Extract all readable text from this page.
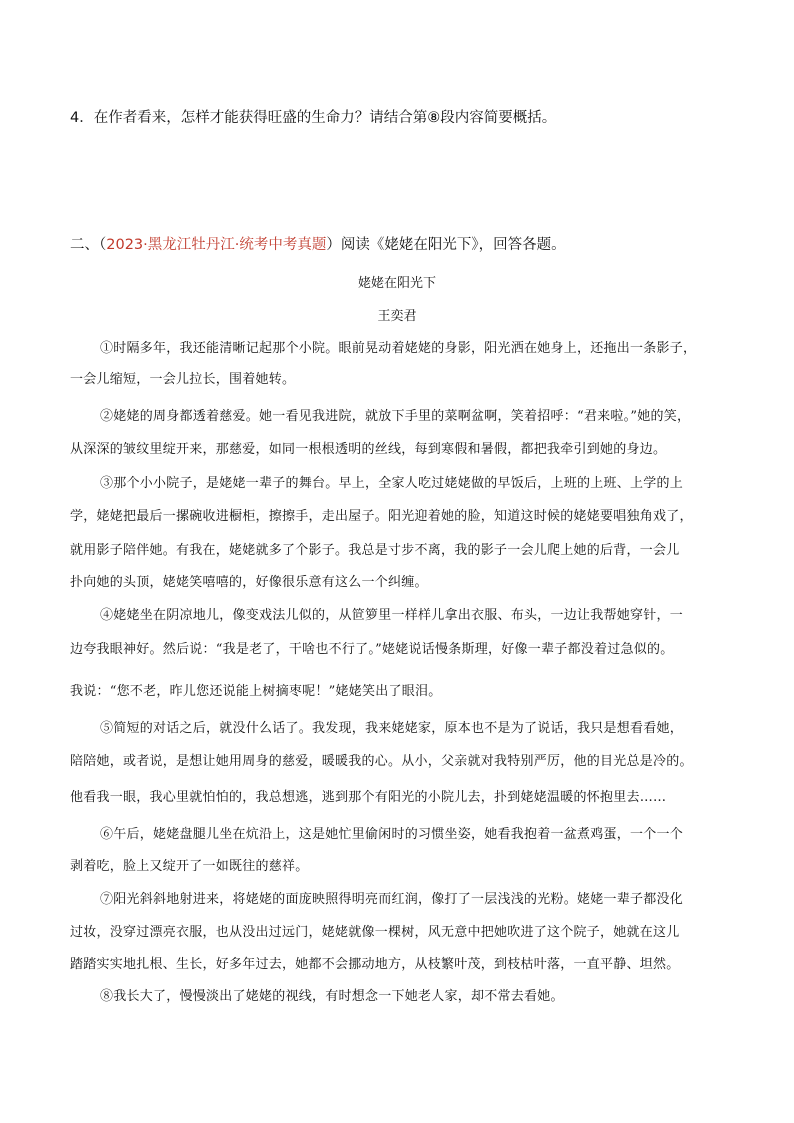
4．在作者看来，怎样才能获得旺盛的生命力？请结合第⑧段内容简要概括。
二、（2023·黑龙江牡丹江·统考中考真题）阅读《姥姥在阳光下》，回答各题。
姥姥在阳光下
王奕君
①时隔多年，我还能清晰记起那个小院。眼前晃动着姥姥的身影，阳光洒在她身上，还拖出一条影子，
一会儿缩短，一会儿拉长，围着她转。
②姥姥的周身都透着慈爱。她一看见我进院，就放下手里的菜啊盆啊，笑着招呼：“君来啦。”她的笑，
从深深的皱纹里绽开来，那慈爱，如同一根根透明的丝线，每到寒假和暑假，都把我牵引到她的身边。
③那个小小院子，是姥姥一辈子的舞台。早上，全家人吃过姥姥做的早饭后，上班的上班、上学的上
学，姥姥把最后一摞碗收进橱柜，擦擦手，走出屋子。阳光迎着她的脸，知道这时候的姥姥要唱独角戏了，
就用影子陪伴她。有我在，姥姥就多了个影子。我总是寸步不离，我的影子一会儿爬上她的后背，一会儿
扑向她的头顶，姥姥笑嘻嘻的，好像很乐意有这么一个纠缠。
④姥姥坐在阴凉地儿，像变戏法儿似的，从笸箩里一样样儿拿出衣服、布头，一边让我帮她穿针，一
边夸我眼神好。然后说：“我是老了，干啥也不行了。”姥姥说话慢条斯理，好像一辈子都没着过急似的。
我说：“您不老，昨儿您还说能上树摘枣呢！”姥姥笑出了眼泪。
⑤简短的对话之后，就没什么话了。我发现，我来姥姥家，原本也不是为了说话，我只是想看看她，
陪陪她，或者说，是想让她用周身的慈爱，暖暖我的心。从小，父亲就对我特别严厉，他的目光总是冷的。
他看我一眼，我心里就怕怕的，我总想逃，逃到那个有阳光的小院儿去，扑到姥姥温暖的怀抱里去……
⑥午后，姥姥盘腿儿坐在炕沿上，这是她忙里偷闲时的习惯坐姿，她看我抱着一盆煮鸡蛋，一个一个
剥着吃，脸上又绽开了一如既往的慈祥。
⑦阳光斜斜地射进来，将姥姥的面庞映照得明亮而红润，像打了一层浅浅的光粉。姥姥一辈子都没化
过妆，没穿过漂亮衣服，也从没出过远门，姥姥就像一棵树，风无意中把她吹进了这个院子，她就在这儿
踏踏实实地扎根、生长，好多年过去，她都不会挪动地方，从枝繁叶茂，到枝枯叶落，一直平静、坦然。
⑧我长大了，慢慢淡出了姥姥的视线，有时想念一下她老人家，却不常去看她。
